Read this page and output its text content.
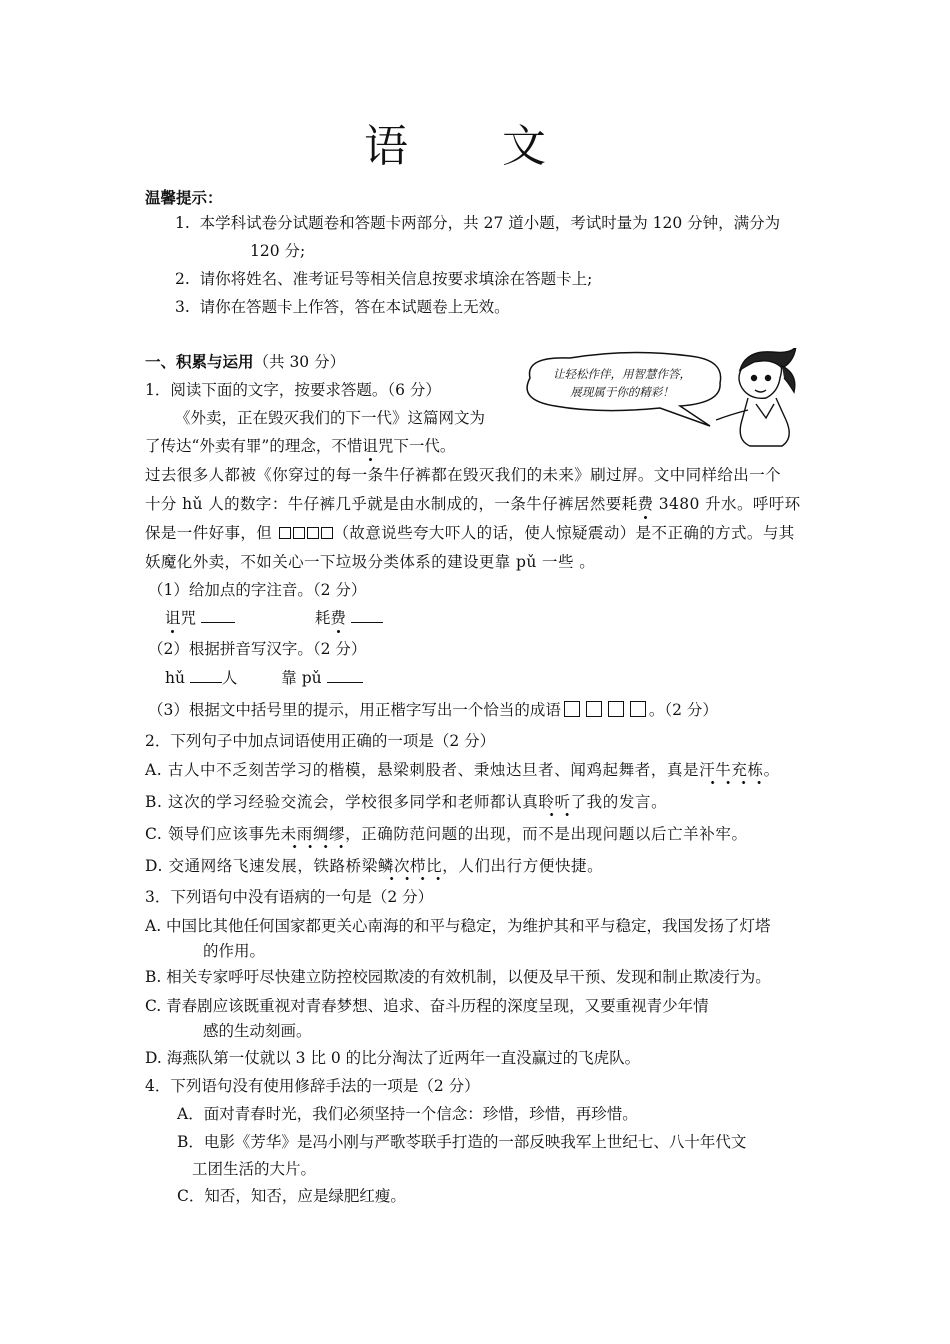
语 文
温馨提示：
1. 本学科试卷分试题卷和答题卡两部分，共 27 道小题，考试时量为 120 分钟，满分为
120 分;
2. 请你将姓名、准考证号等相关信息按要求填涂在答题卡上;
3. 请你在答题卡上作答，答在本试题卷上无效。
一、积累与运用（共 30 分）
让轻松作伴，用智慧作答，
展现属于你的精彩！
1．阅读下面的文字，按要求答题。（6 分）
《外卖，正在毁灭我们的下一代》这篇网文为
了传达“外卖有罪”的理念，不惜诅咒下一代。
过去很多人都被《你穿过的每一条牛仔裤都在毁灭我们的未来》刷过屏。文中同样给出一个
十分 hǔ 人的数字：牛仔裤几乎就是由水制成的，一条牛仔裤居然要耗费 3480 升水。呼吁环
保是一件好事，但	（故意说些夸大吓人的话，使人惊疑震动）是不正确的方式。与其
妖魔化外卖，不如关心一下垃圾分类体系的建设更靠 pǔ 一些 。
（1）给加点的字注音。（2 分）
诅咒	耗费
（2）根据拼音写汉字。（2 分）
hǔ 人	靠 pǔ
（3）根据文中括号里的提示，用正楷字写出一个恰当的成语	。（2 分）
2．下列句子中加点词语使用正确的一项是（2 分）
A. 古人中不乏刻苦学习的楷模，悬梁刺股者、秉烛达旦者、闻鸡起舞者，真是汗牛充栋。
B. 这次的学习经验交流会，学校很多同学和老师都认真聆听了我的发言。
C. 领导们应该事先未雨绸缪，正确防范问题的出现，而不是出现问题以后亡羊补牢。
D. 交通网络飞速发展，铁路桥梁鳞次栉比，人们出行方便快捷。
3．下列语句中没有语病的一句是（2 分）
A. 中国比其他任何国家都更关心南海的和平与稳定，为维护其和平与稳定，我国发扬了灯塔
的作用。
B. 相关专家呼吁尽快建立防控校园欺凌的有效机制，以便及早干预、发现和制止欺凌行为。
C. 青春剧应该既重视对青春梦想、追求、奋斗历程的深度呈现，又要重视青少年情
感的生动刻画。
D. 海燕队第一仗就以 3 比 0 的比分淘汰了近两年一直没赢过的飞虎队。
4．下列语句没有使用修辞手法的一项是（2 分）
A．面对青春时光，我们必须坚持一个信念：珍惜，珍惜，再珍惜。
B．电影《芳华》是冯小刚与严歌苓联手打造的一部反映我军上世纪七、八十年代文
工团生活的大片。
C．知否，知否，应是绿肥红瘦。
